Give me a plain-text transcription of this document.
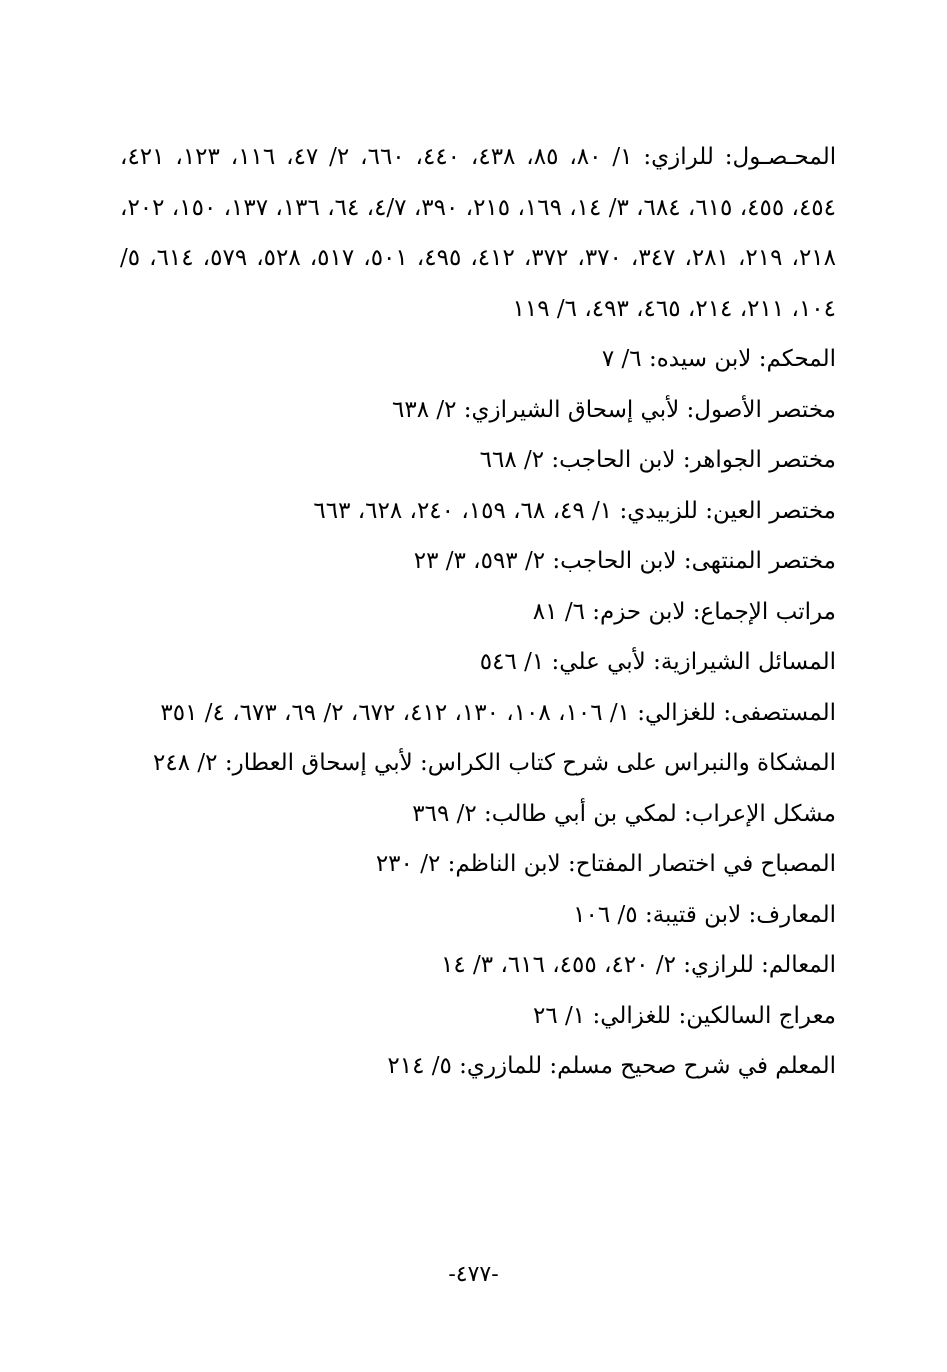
المحـصـول: للرازي: ١/ ٨٠، ٨٥، ٤٣٨، ٤٤٠، ٦٦٠، ٢/ ٤٧، ١١٦، ١٢٣، ٤٢١، ٤٥٤، ٤٥٥، ٦١٥، ٦٨٤، ٣/ ١٤، ١٦٩، ٢١٥، ٣٩٠، ٤/٧، ٦٤، ١٣٦، ١٣٧، ١٥٠، ٢٠٢، ٢١٨، ٢١٩، ٢٨١، ٣٤٧، ٣٧٠، ٣٧٢، ٤١٢، ٤٩٥، ٥٠١، ٥١٧، ٥٢٨، ٥٧٩، ٦١٤، ٥/ ١٠٤، ٢١١، ٢١٤، ٤٦٥، ٤٩٣، ٦/ ١١٩

المحكم: لابن سيده: ٦/ ٧

مختصر الأصول: لأبي إسحاق الشيرازي: ٢/ ٦٣٨

مختصر الجواهر: لابن الحاجب: ٢/ ٦٦٨

مختصر العين: للزبيدي: ١/ ٤٩، ٦٨، ١٥٩، ٢٤٠، ٦٢٨، ٦٦٣

مختصر المنتهى: لابن الحاجب: ٢/ ٥٩٣، ٣/ ٢٣

مراتب الإجماع: لابن حزم: ٦/ ٨١

المسائل الشيرازية: لأبي علي: ١/ ٥٤٦

المستصفى: للغزالي: ١/ ١٠٦، ١٠٨، ١٣٠، ٤١٢، ٦٧٢، ٢/ ٦٩، ٦٧٣، ٤/ ٣٥١

المشكاة والنبراس على شرح كتاب الكراس: لأبي إسحاق العطار: ٢/ ٢٤٨

مشكل الإعراب: لمكي بن أبي طالب: ٢/ ٣٦٩

المصباح في اختصار المفتاح: لابن الناظم: ٢/ ٢٣٠

المعارف: لابن قتيبة: ٥/ ١٠٦

المعالم: للرازي: ٢/ ٤٢٠، ٤٥٥، ٦١٦، ٣/ ١٤

معراج السالكين: للغزالي: ١/ ٢٦

المعلم في شرح صحيح مسلم: للمازري: ٥/ ٢١٤

-٤٧٧-
